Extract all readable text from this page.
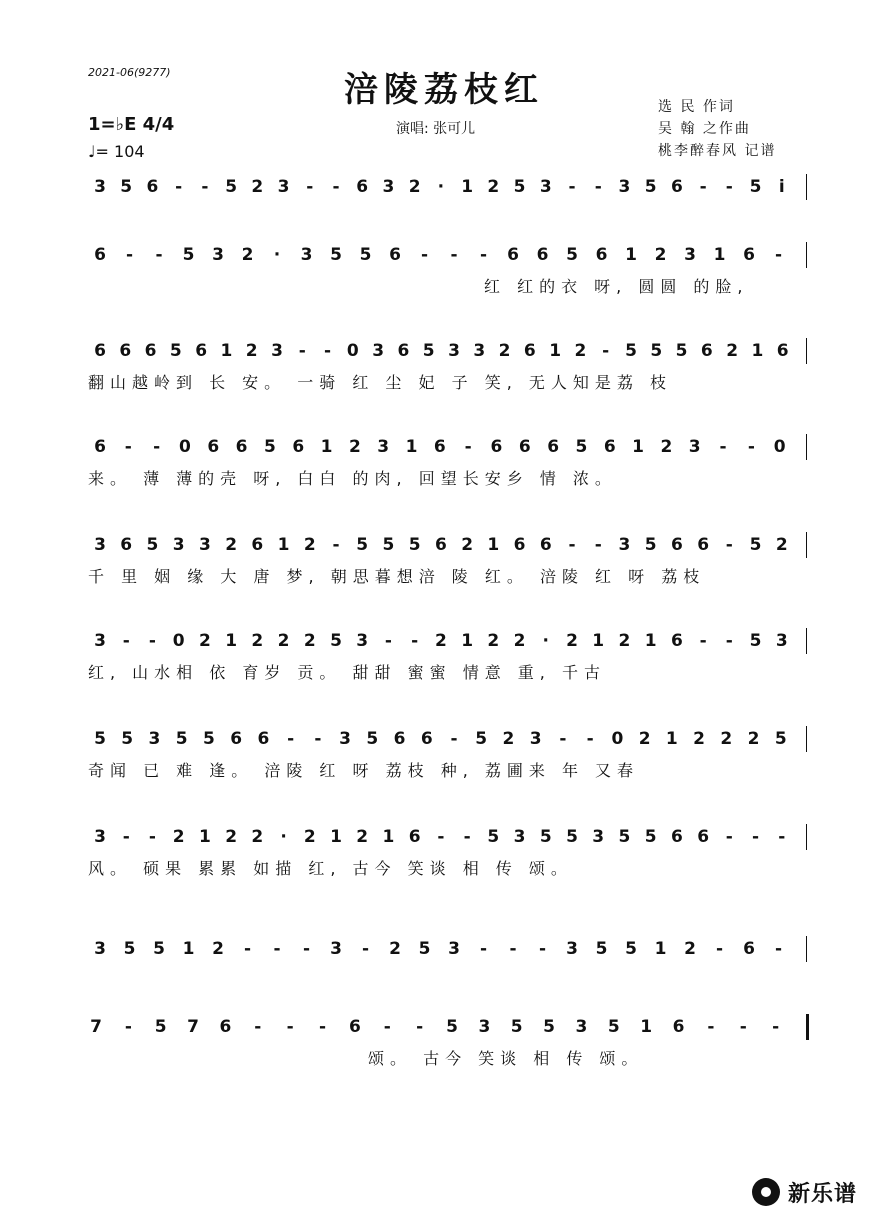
2021-06(9277)	涪陵荔枝红
1=♭E 4/4
♩= 104
演唱: 张可儿
选 民 作词
吴 翰 之作曲
桃李醉春风 记谱
3 5 6 - - 5 2 3 - - 6 3 2 · 1 2 5 3 - - 3 5 6 - - 5 i
6 - - 5 3 2 · 3 5 5 6 - - - 6 6 5 6 1 2 3 1 6 -
红 红的衣 呀, 圆圆 的脸,
6 6 6 5 6 1 2 3 - - 0 3 6 5 3 3 2 6 1 2 - 5 5 5 6 2 1 6
翻山越岭到 长 安。 一骑 红 尘 妃 子 笑, 无人知是荔 枝
6 - - 0 6 6 5 6 1 2 3 1 6 - 6 6 6 5 6 1 2 3 - - 0
来。 薄 薄的壳 呀, 白白 的肉, 回望长安乡 情 浓。
3 6 5 3 3 2 6 1 2 - 5 5 5 6 2 1 6 6 - - 3 5 6 6 - 5 2
千 里 姻 缘 大 唐 梦, 朝思暮想涪 陵 红。 涪陵 红 呀 荔枝
3 - - 0 2 1 2 2 2 5 3 - - 2 1 2 2 · 2 1 2 1 6 - - 5 3
红, 山水相 依 育岁 贡。 甜甜 蜜蜜 情意 重, 千古
5 5 3 5 5 6 6 - - 3 5 6 6 - 5 2 3 - - 0 2 1 2 2 2 5
奇闻 已 难 逢。 涪陵 红 呀 荔枝 种, 荔圃来 年 又春
3 - - 2 1 2 2 · 2 1 2 1 6 - - 5 3 5 5 3 5 5 6 6 - - -
风。 硕果 累累 如描 红, 古今 笑谈 相 传 颂。
3 5 5 1 2 - - - 3 - 2 5 3 - - - 3 5 5 1 2 - 6 -
7 - 5 7 6 - - - 6 - - 5 3 5 5 3 5 1 6 - - -
颂。 古今 笑谈 相 传 颂。
新乐谱
